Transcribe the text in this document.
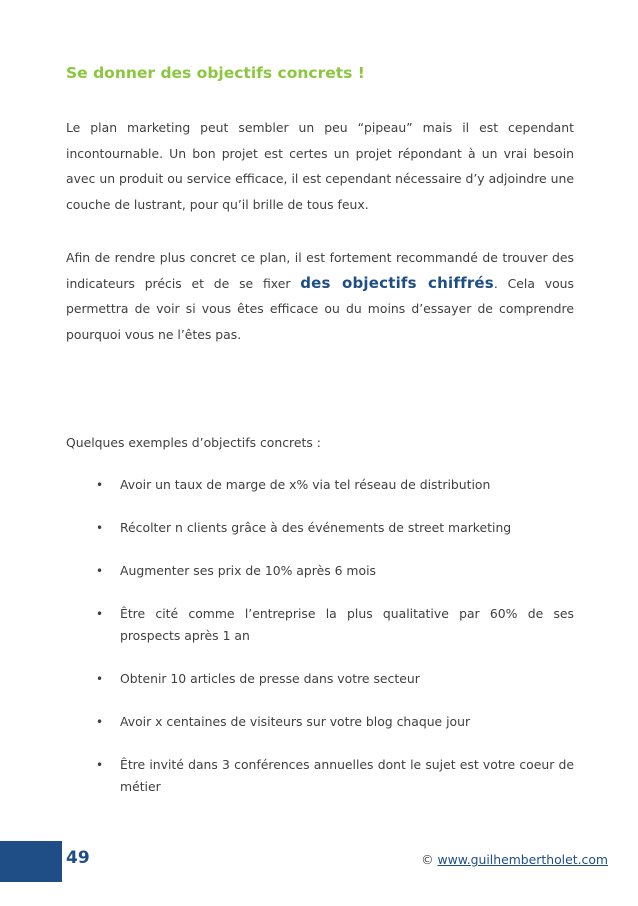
Se donner des objectifs concrets !

Le plan marketing peut sembler un peu “pipeau” mais il est cependant incontournable. Un bon projet est certes un projet répondant à un vrai besoin avec un produit ou service efficace, il est cependant nécessaire d’y adjoindre une couche de lustrant, pour qu’il brille de tous feux.

Afin de rendre plus concret ce plan, il est fortement recommandé de trouver des indicateurs précis et de se fixer des objectifs chiffrés. Cela vous permettra de voir si vous êtes efficace ou du moins d’essayer de comprendre pourquoi vous ne l’êtes pas.

Quelques exemples d’objectifs concrets :

• Avoir un taux de marge de x% via tel réseau de distribution
• Récolter n clients grâce à des événements de street marketing
• Augmenter ses prix de 10% après 6 mois
• Être cité comme l’entreprise la plus qualitative par 60% de ses prospects après 1 an
• Obtenir 10 articles de presse dans votre secteur
• Avoir x centaines de visiteurs sur votre blog chaque jour
• Être invité dans 3 conférences annuelles dont le sujet est votre coeur de métier
49	© www.guilhembertholet.com
